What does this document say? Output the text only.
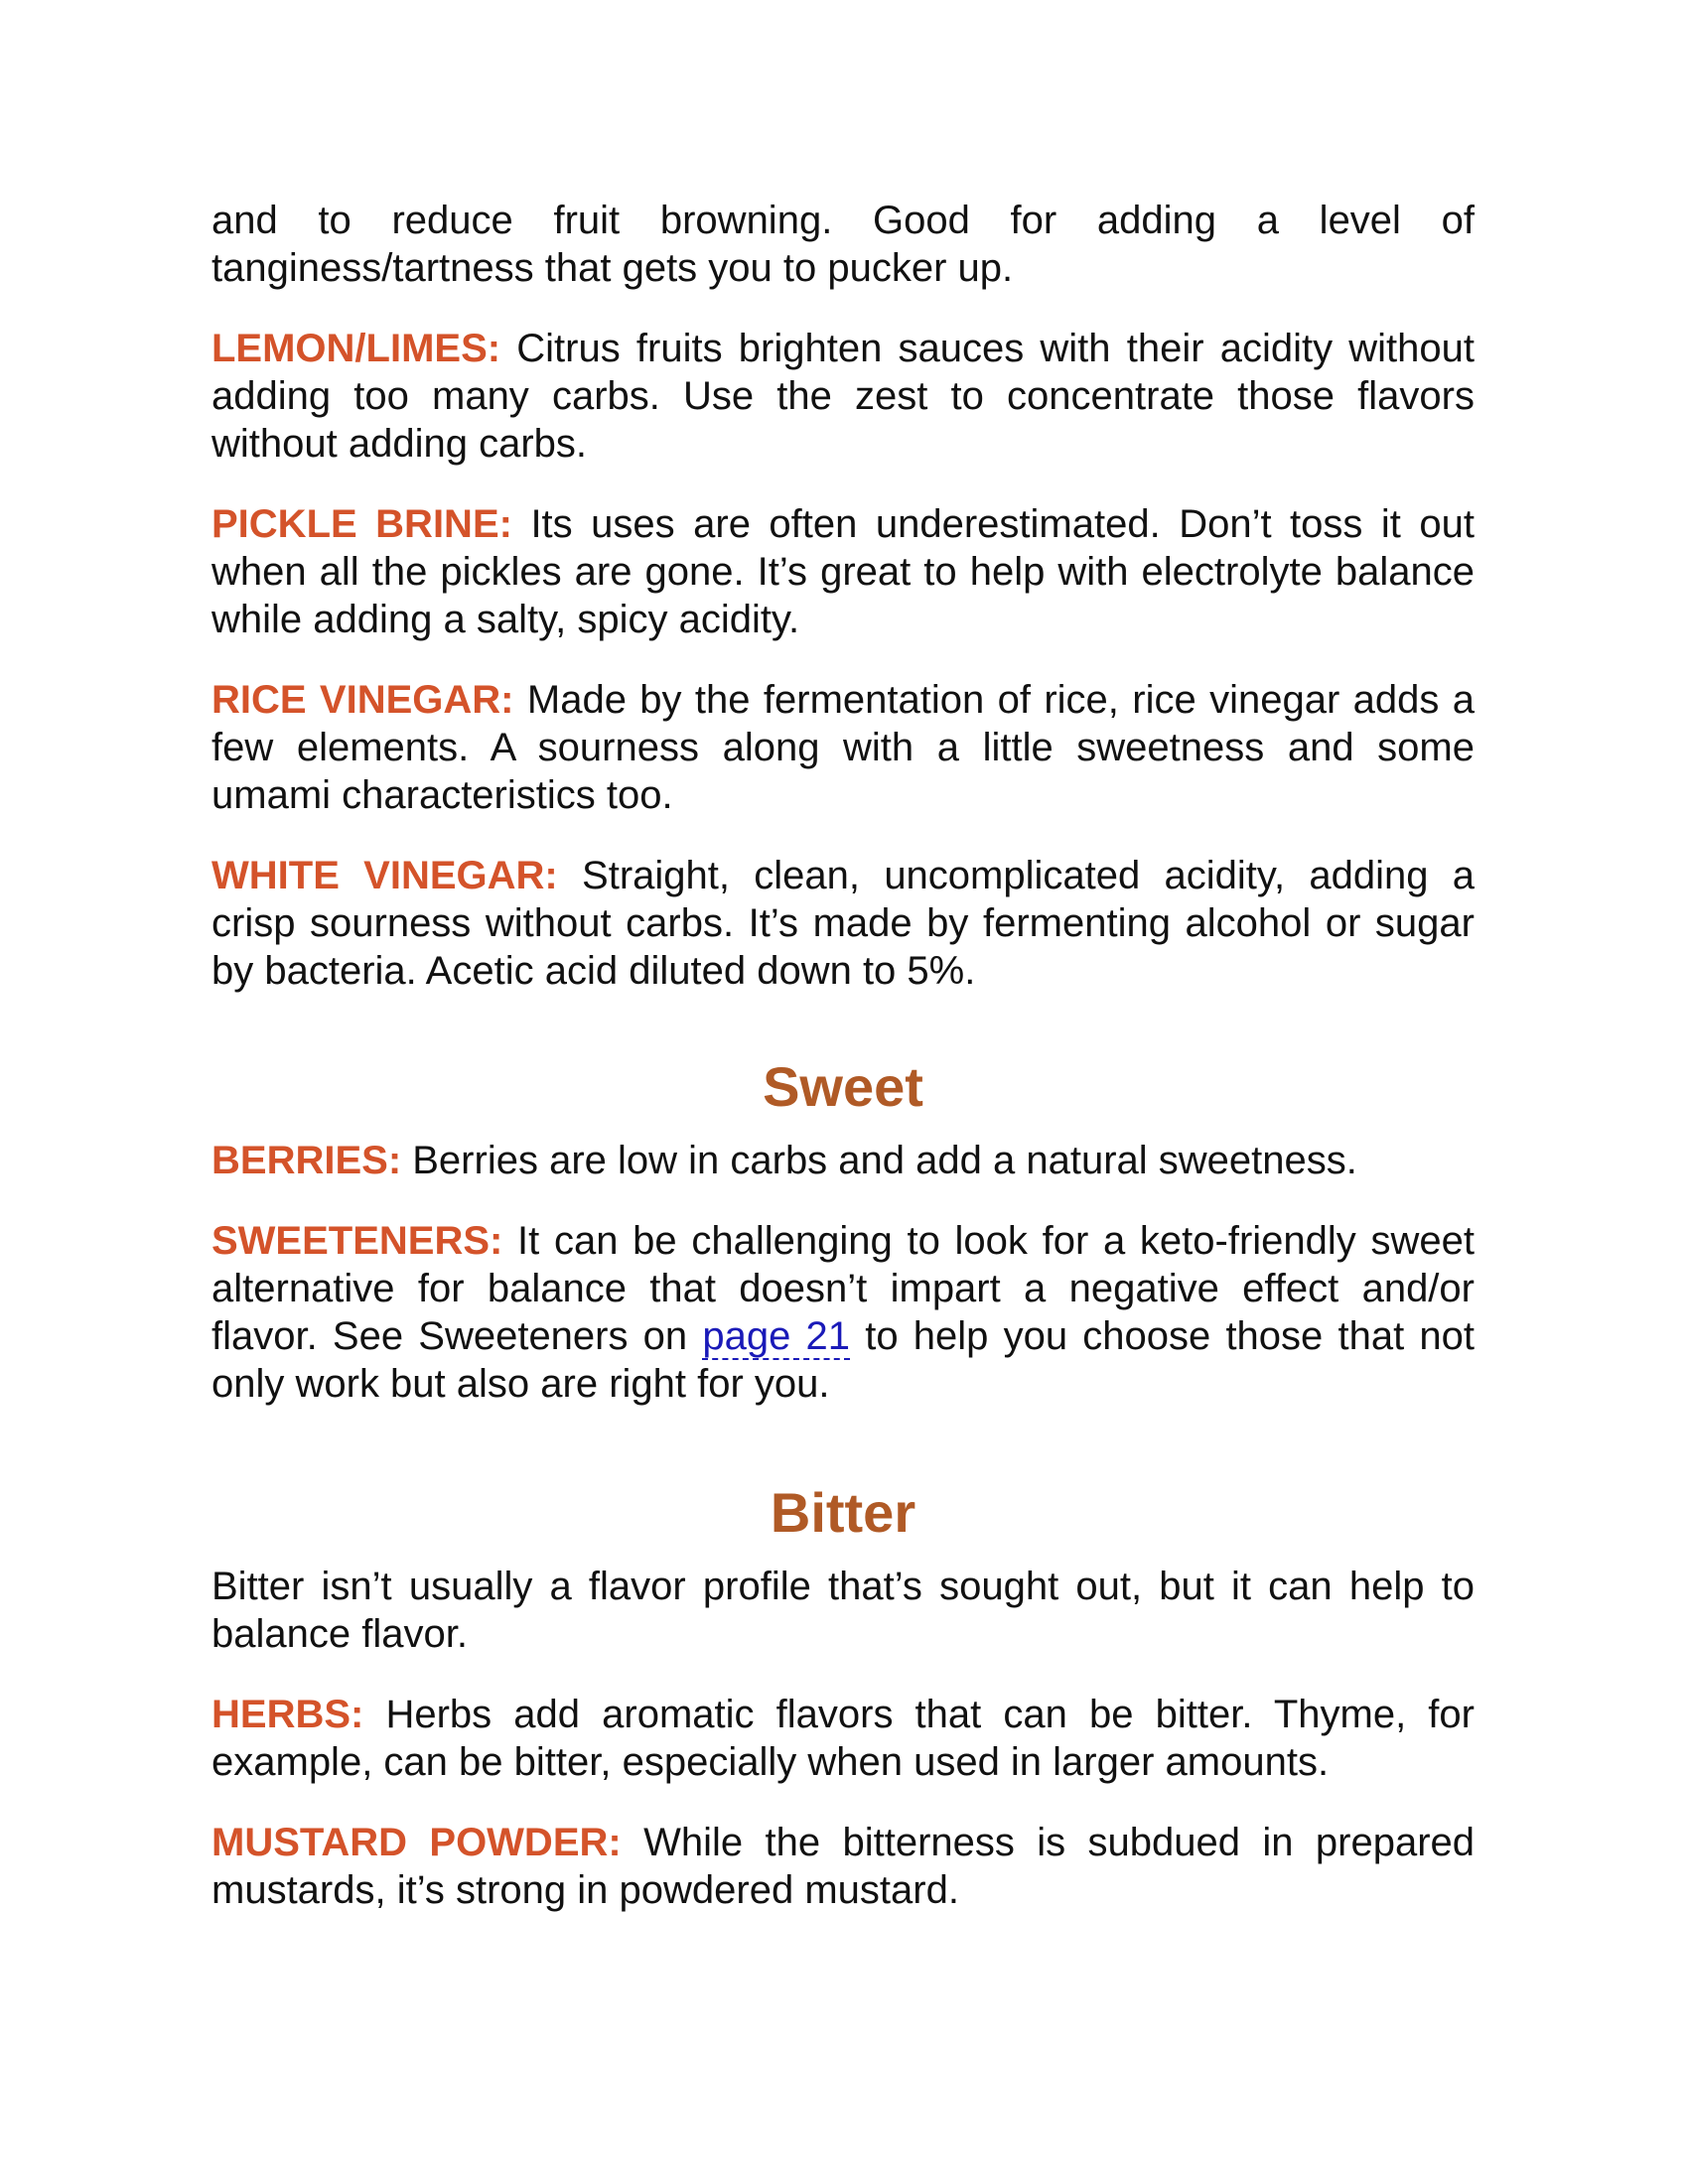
and to reduce fruit browning. Good for adding a level of tanginess/tartness that gets you to pucker up.

LEMON/LIMES: Citrus fruits brighten sauces with their acidity without adding too many carbs. Use the zest to concentrate those flavors without adding carbs.

PICKLE BRINE: Its uses are often underestimated. Don’t toss it out when all the pickles are gone. It’s great to help with electrolyte balance while adding a salty, spicy acidity.

RICE VINEGAR: Made by the fermentation of rice, rice vinegar adds a few elements. A sourness along with a little sweetness and some umami characteristics too.

WHITE VINEGAR: Straight, clean, uncomplicated acidity, adding a crisp sourness without carbs. It’s made by fermenting alcohol or sugar by bacteria. Acetic acid diluted down to 5%.

Sweet

BERRIES: Berries are low in carbs and add a natural sweetness.

SWEETENERS: It can be challenging to look for a keto-friendly sweet alternative for balance that doesn’t impart a negative effect and/or flavor. See Sweeteners on page 21 to help you choose those that not only work but also are right for you.

Bitter

Bitter isn’t usually a flavor profile that’s sought out, but it can help to balance flavor.

HERBS: Herbs add aromatic flavors that can be bitter. Thyme, for example, can be bitter, especially when used in larger amounts.

MUSTARD POWDER: While the bitterness is subdued in prepared mustards, it’s strong in powdered mustard.
